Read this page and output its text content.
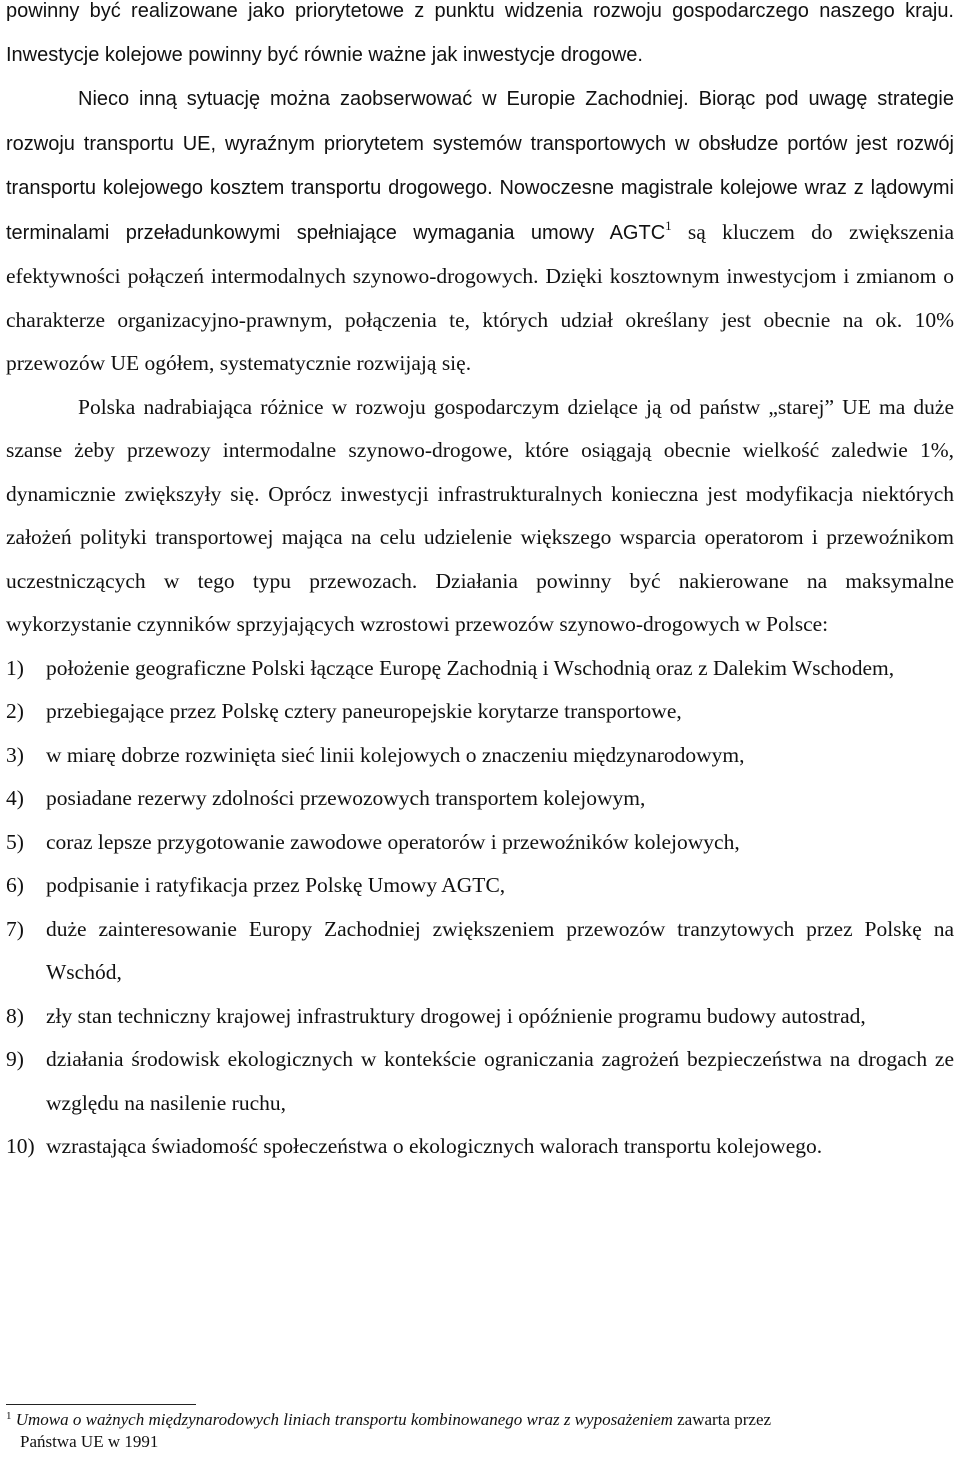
powinny być realizowane jako priorytetowe z punktu widzenia rozwoju gospodarczego naszego kraju. Inwestycje kolejowe powinny być równie ważne jak inwestycje drogowe.

Nieco inną sytuację można zaobserwować w Europie Zachodniej. Biorąc pod uwagę strategie rozwoju transportu UE, wyraźnym priorytetem systemów transportowych w obsłudze portów jest rozwój transportu kolejowego kosztem transportu drogowego. Nowoczesne magistrale kolejowe wraz z lądowymi terminalami przeładunkowymi spełniające wymagania umowy AGTC$^1$ są kluczem do zwiększenia efektywności połączeń intermodalnych szynowo-drogowych. Dzięki kosztownym inwestycjom i zmianom o charakterze organizacyjno-prawnym, połączenia te, których udział określany jest obecnie na ok. 10% przewozów UE ogółem, systematycznie rozwijają się.

Polska nadrabiająca różnice w rozwoju gospodarczym dzielące ją od państw „starej” UE ma duże szanse żeby przewozy intermodalne szynowo-drogowe, które osiągają obecnie wielkość zaledwie 1%, dynamicznie zwiększyły się. Oprócz inwestycji infrastrukturalnych konieczna jest modyfikacja niektórych założeń polityki transportowej mająca na celu udzielenie większego wsparcia operatorom i przewoźnikom uczestniczących w tego typu przewozach. Działania powinny być nakierowane na maksymalne wykorzystanie czynników sprzyjających wzrostowi przewozów szynowo-drogowych w Polsce:

1) położenie geograficzne Polski łączące Europę Zachodnią i Wschodnią oraz z Dalekim Wschodem,
2) przebiegające przez Polskę cztery paneuropejskie korytarze transportowe,
3) w miarę dobrze rozwinięta sieć linii kolejowych o znaczeniu międzynarodowym,
4) posiadane rezerwy zdolności przewozowych transportem kolejowym,
5) coraz lepsze przygotowanie zawodowe operatorów i przewoźników kolejowych,
6) podpisanie i ratyfikacja przez Polskę Umowy AGTC,
7) duże zainteresowanie Europy Zachodniej zwiększeniem przewozów tranzytowych przez Polskę na Wschód,
8) zły stan techniczny krajowej infrastruktury drogowej i opóźnienie programu budowy autostrad,
9) działania środowisk ekologicznych w kontekście ograniczania zagrożeń bezpieczeństwa na drogach ze względu na nasilenie ruchu,
10) wzrastająca świadomość społeczeństwa o ekologicznych walorach transportu kolejowego.

$^1$ Umowa o ważnych międzynarodowych liniach transportu kombinowanego wraz z wyposażeniem zawarta przez
Państwa UE w 1991
